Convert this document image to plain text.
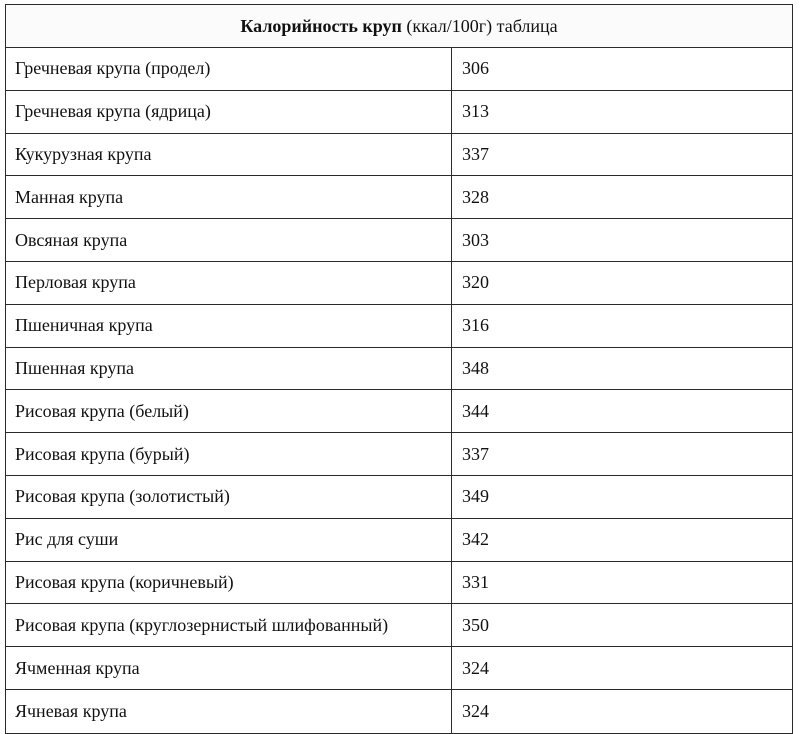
Калорийность круп (ккал/100г) таблица
Гречневая крупа (продел)	306
Гречневая крупа (ядрица)	313
Кукурузная крупа	337
Манная крупа	328
Овсяная крупа	303
Перловая крупа	320
Пшеничная крупа	316
Пшенная крупа	348
Рисовая крупа (белый)	344
Рисовая крупа (бурый)	337
Рисовая крупа (золотистый)	349
Рис для суши	342
Рисовая крупа (коричневый)	331
Рисовая крупа (круглозернистый шлифованный)	350
Ячменная крупа	324
Ячневая крупа	324
